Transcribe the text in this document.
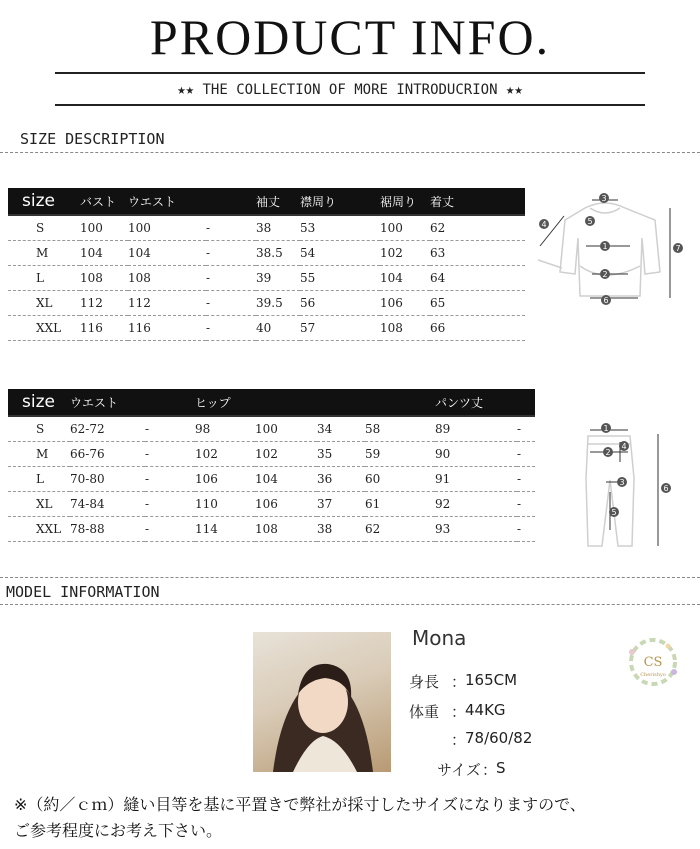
PRODUCT INFO.
★★ THE COLLECTION OF MORE INTRODUCRION ★★
SIZE DESCRIPTION
size	バスト	ウエスト		袖丈	襟周り	裾周り	着丈
S	100	100	-	38	53	100	62
M	104	104	-	38.5	54	102	63
L	108	108	-	39	55	104	64
XL	112	112	-	39.5	56	106	65
XXL	116	116	-	40	57	108	66
1
2
3
4	5
6
7
size	ウエスト		ヒップ				パンツ丈	
S	62-72	-	98	100	34	58	89	-
M	66-76	-	102	102	35	59	90	-
L	70-80	-	106	104	36	60	91	-
XL	74-84	-	110	106	37	61	92	-
XXL	78-88	-	114	108	38	62	93	-
1
2
3
4
5
6
MODEL INFORMATION
Mona
身長 ：
165CM
体重 ：
44KG
：
78/60/82
サイズ ：
S
CS
Cherishyo
※（約／ｃｍ）縫い目等を基に平置きで弊社が採寸したサイズになりますので、
ご参考程度にお考え下さい。
